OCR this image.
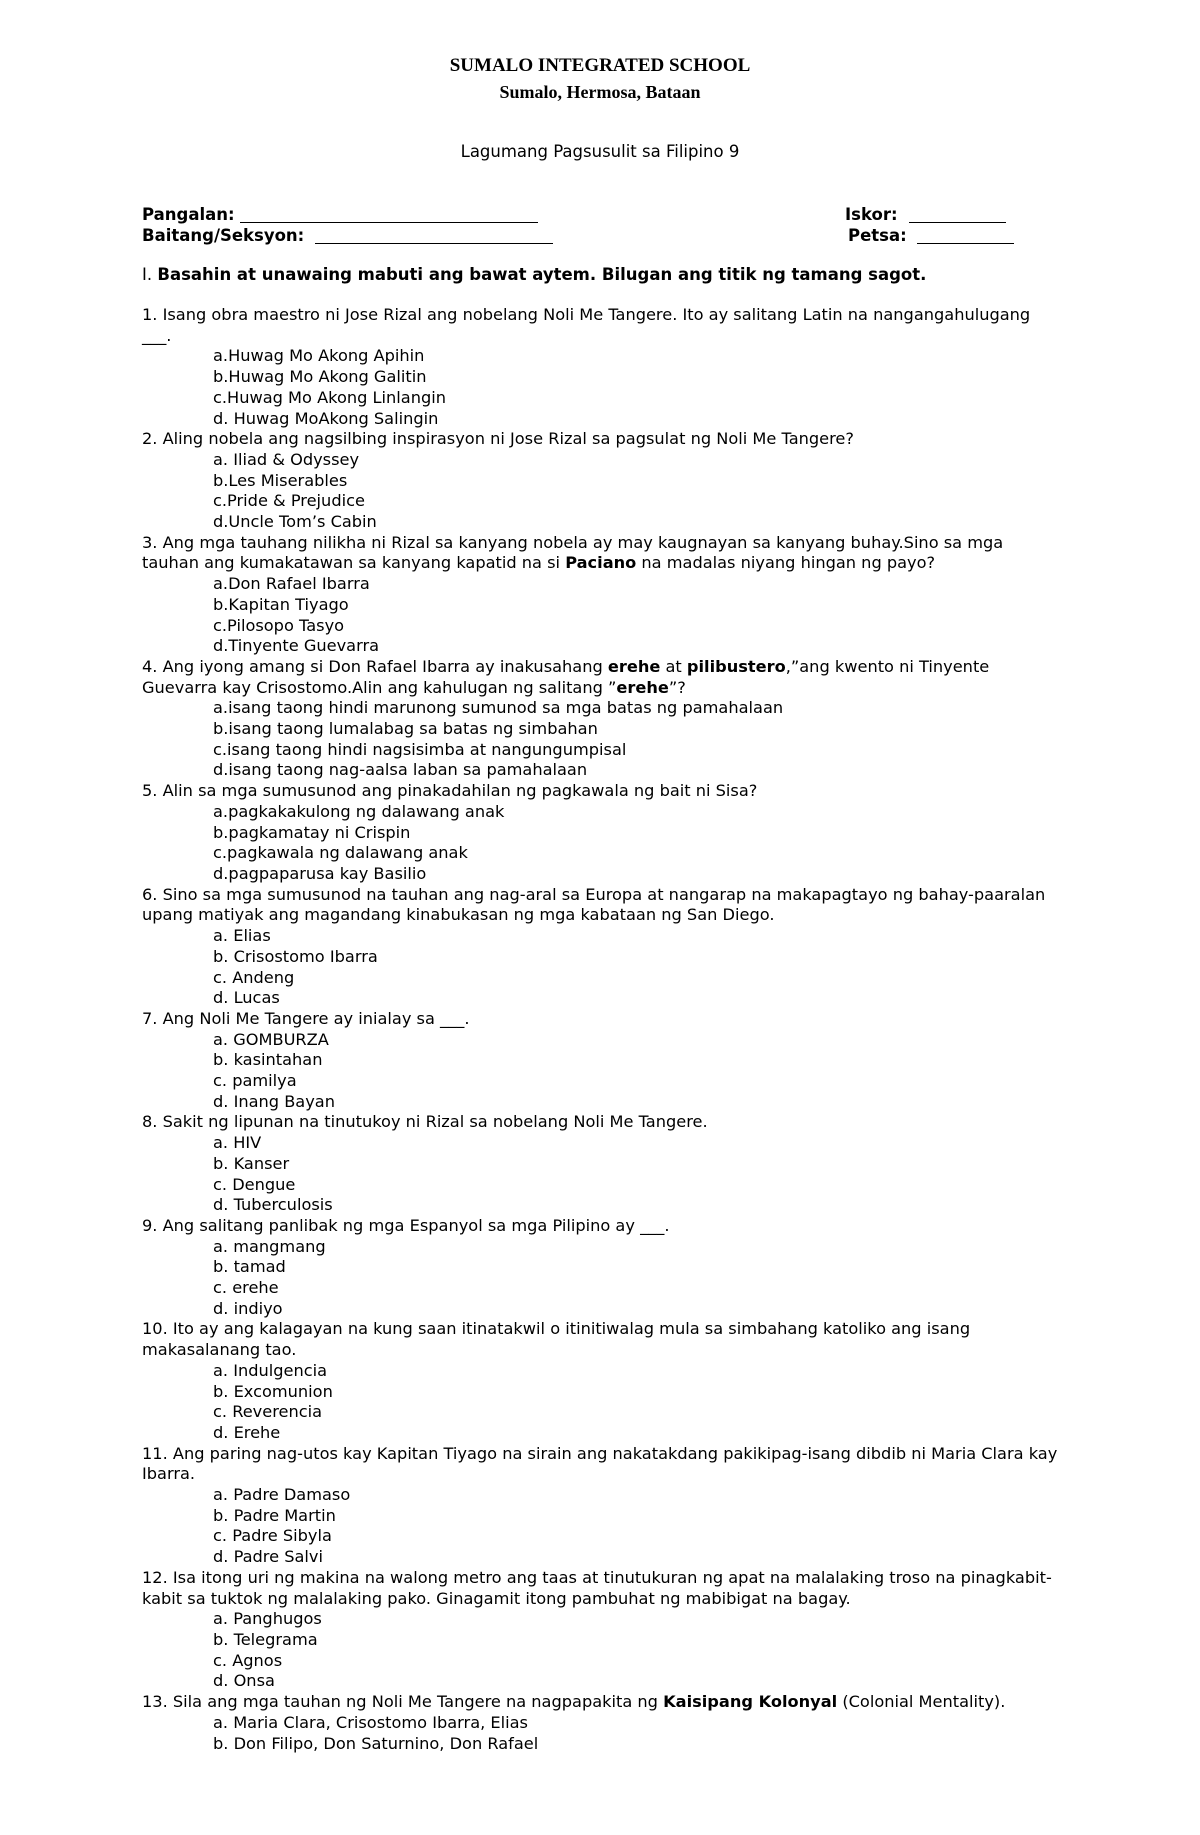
SUMALO INTEGRATED SCHOOL
Sumalo, Hermosa, Bataan
Lagumang Pagsusulit sa Filipino 9
Pangalan:	Iskor:
Baitang/Seksyon:	Petsa:
I. Basahin at unawaing mabuti ang bawat aytem. Bilugan ang titik ng tamang sagot.
1. Isang obra maestro ni Jose Rizal ang nobelang Noli Me Tangere. Ito ay salitang Latin na nangangahulugang ___.
a.Huwag Mo Akong Apihin
b.Huwag Mo Akong Galitin
c.Huwag Mo Akong Linlangin
d. Huwag MoAkong Salingin
2. Aling nobela ang nagsilbing inspirasyon ni Jose Rizal sa pagsulat ng Noli Me Tangere?
a. Iliad & Odyssey
b.Les Miserables
c.Pride & Prejudice
d.Uncle Tom’s Cabin
3. Ang mga tauhang nilikha ni Rizal sa kanyang nobela ay may kaugnayan sa kanyang buhay.Sino sa mga tauhan ang kumakatawan sa kanyang kapatid na si Paciano na madalas niyang hingan ng payo?
a.Don Rafael Ibarra
b.Kapitan Tiyago
c.Pilosopo Tasyo
d.Tinyente Guevarra
4. Ang iyong amang si Don Rafael Ibarra ay inakusahang erehe at pilibustero,”ang kwento ni Tinyente Guevarra kay Crisostomo.Alin ang kahulugan ng salitang ”erehe”?
a.isang taong hindi marunong sumunod sa mga batas ng pamahalaan
b.isang taong lumalabag sa batas ng simbahan
c.isang taong hindi nagsisimba at nangungumpisal
d.isang taong nag-aalsa laban sa pamahalaan
5. Alin sa mga sumusunod ang pinakadahilan ng pagkawala ng bait ni Sisa?
a.pagkakakulong ng dalawang anak
b.pagkamatay ni Crispin
c.pagkawala ng dalawang anak
d.pagpaparusa kay Basilio
6. Sino sa mga sumusunod na tauhan ang nag-aral sa Europa at nangarap na makapagtayo ng bahay-paaralan upang matiyak ang magandang kinabukasan ng mga kabataan ng San Diego.
a. Elias
b. Crisostomo Ibarra
c. Andeng
d. Lucas
7. Ang Noli Me Tangere ay inialay sa ___.
a. GOMBURZA
b. kasintahan
c. pamilya
d. Inang Bayan
8. Sakit ng lipunan na tinutukoy ni Rizal sa nobelang Noli Me Tangere.
a. HIV
b. Kanser
c. Dengue
d. Tuberculosis
9. Ang salitang panlibak ng mga Espanyol sa mga Pilipino ay ___.
a. mangmang
b. tamad
c. erehe
d. indiyo
10. Ito ay ang kalagayan na kung saan itinatakwil o itinitiwalag mula sa simbahang katoliko ang isang makasalanang tao.
a. Indulgencia
b. Excomunion
c. Reverencia
d. Erehe
11. Ang paring nag-utos kay Kapitan Tiyago na sirain ang nakatakdang pakikipag-isang dibdib ni Maria Clara kay Ibarra.
a. Padre Damaso
b. Padre Martin
c. Padre Sibyla
d. Padre Salvi
12. Isa itong uri ng makina na walong metro ang taas at tinutukuran ng apat na malalaking troso na pinagkabit-kabit sa tuktok ng malalaking pako. Ginagamit itong pambuhat ng mabibigat na bagay.
a. Panghugos
b. Telegrama
c. Agnos
d. Onsa
13. Sila ang mga tauhan ng Noli Me Tangere na nagpapakita ng Kaisipang Kolonyal (Colonial Mentality).
a. Maria Clara, Crisostomo Ibarra, Elias
b. Don Filipo, Don Saturnino, Don Rafael
